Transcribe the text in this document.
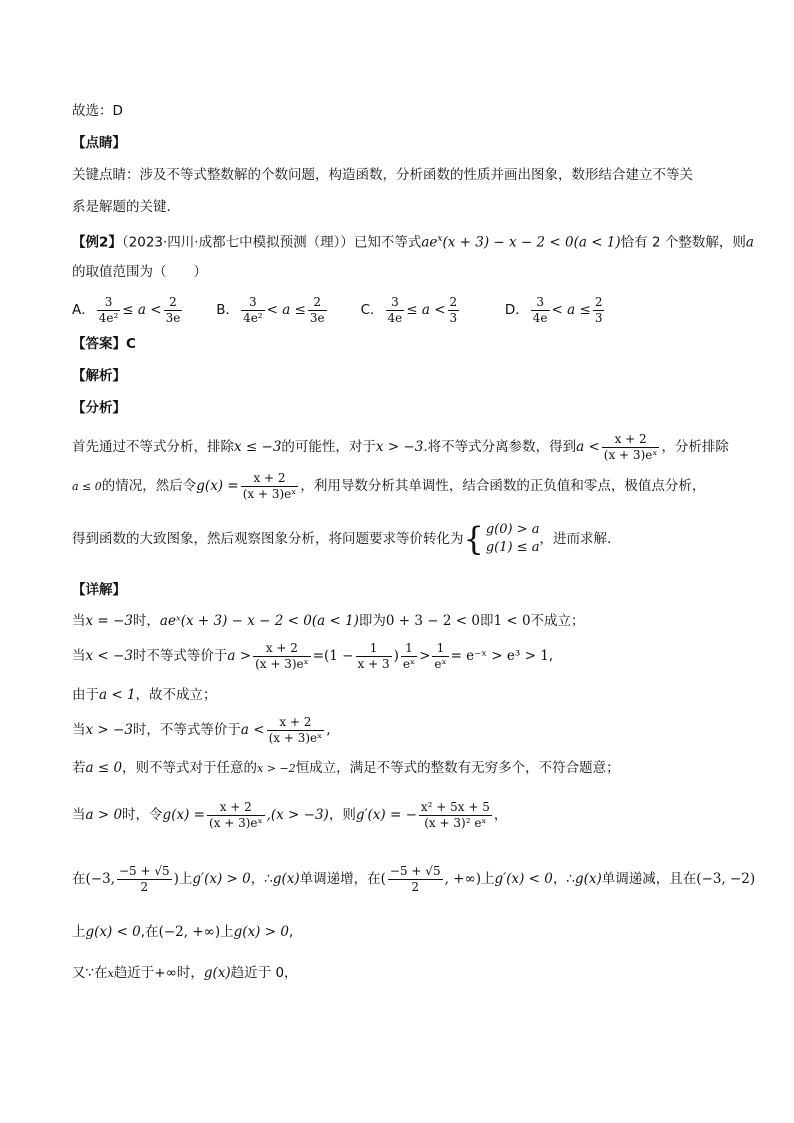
故选：D
【点睛】
关键点睛：涉及不等式整数解的个数问题，构造函数，分析函数的性质并画出图象，数形结合建立不等关
系是解题的关键.
【例2】（2023·四川·成都七中模拟预测（理））已知不等式$ae^x(x + 3) - x - 2 < 0(a < 1)$恰有 2 个整数解，则a
的取值范围为（　　）
A． $\frac{3}{\text{4e²}} \le a < \frac{2}{3e}$	B． $\frac{3}{\text{4e²}} < a \le \frac{2}{3e}$	C． $\frac{3}{4e} \le a < \frac{2}{3}$	D． $\frac{3}{4e} < a \le \frac{2}{3}$
【答案】C
【解析】
【分析】
首先通过不等式分析，排除x ≤ −3的可能性，对于x > −3.将不等式分离参数，得到$a < \frac{x + 2}{\text{(x + 3)eˣ}}$ ，分析排除
a ≤ 0的情况，然后令$g(x) = \frac{x + 2}{\text{(x + 3)eˣ}}$ ，利用导数分析其单调性，结合函数的正负值和零点，极值点分析，
得到函数的大致图象，然后观察图象分析，将问题要求等价转化为{ g(0) > a
g(1) ≤ a
，进而求解.
【详解】
当x = −3时，aeˣ(x + 3) − x − 2 < 0(a < 1)即为0 + 3 − 2 < 0即1 < 0不成立；
当x < −3时不等式等价于$a > \frac{x + 2}{\text{(x + 3)eˣ}} =(1 - \frac{1}{x + 3}$ ) $\frac{1}{\text{eˣ}} > \frac{1}{\text{eˣ}}$ = e⁻ˣ > e³ > 1,
由于a < 1，故不成立；
当x > −3时，不等式等价于$a < \frac{x + 2}{\text{(x + 3)eˣ}}$ ,
若a ≤ 0，则不等式对于任意的x > −2恒成立，满足不等式的整数有无穷多个，不符合题意；
当a > 0时，令$g(x) = \frac{x + 2}{\text{(x + 3)eˣ}} ,(x > -3)$，则g′(x) = − $\frac{\text{x² + 5x + 5}}{\text{(x + 3)² eˣ}}$ ，
在(−3, $\frac{-5 + √5}{2}$ )上g′(x) > 0，∴g(x)单调递增，在( $\frac{-5 + √5}{2}$ , +∞)上g′(x) < 0，∴g(x)单调递减，且在(−3, −2)
上g(x) < 0,在(−2, +∞)上g(x) > 0,
又∵在x趋近于+∞时，g(x)趋近于 0，
